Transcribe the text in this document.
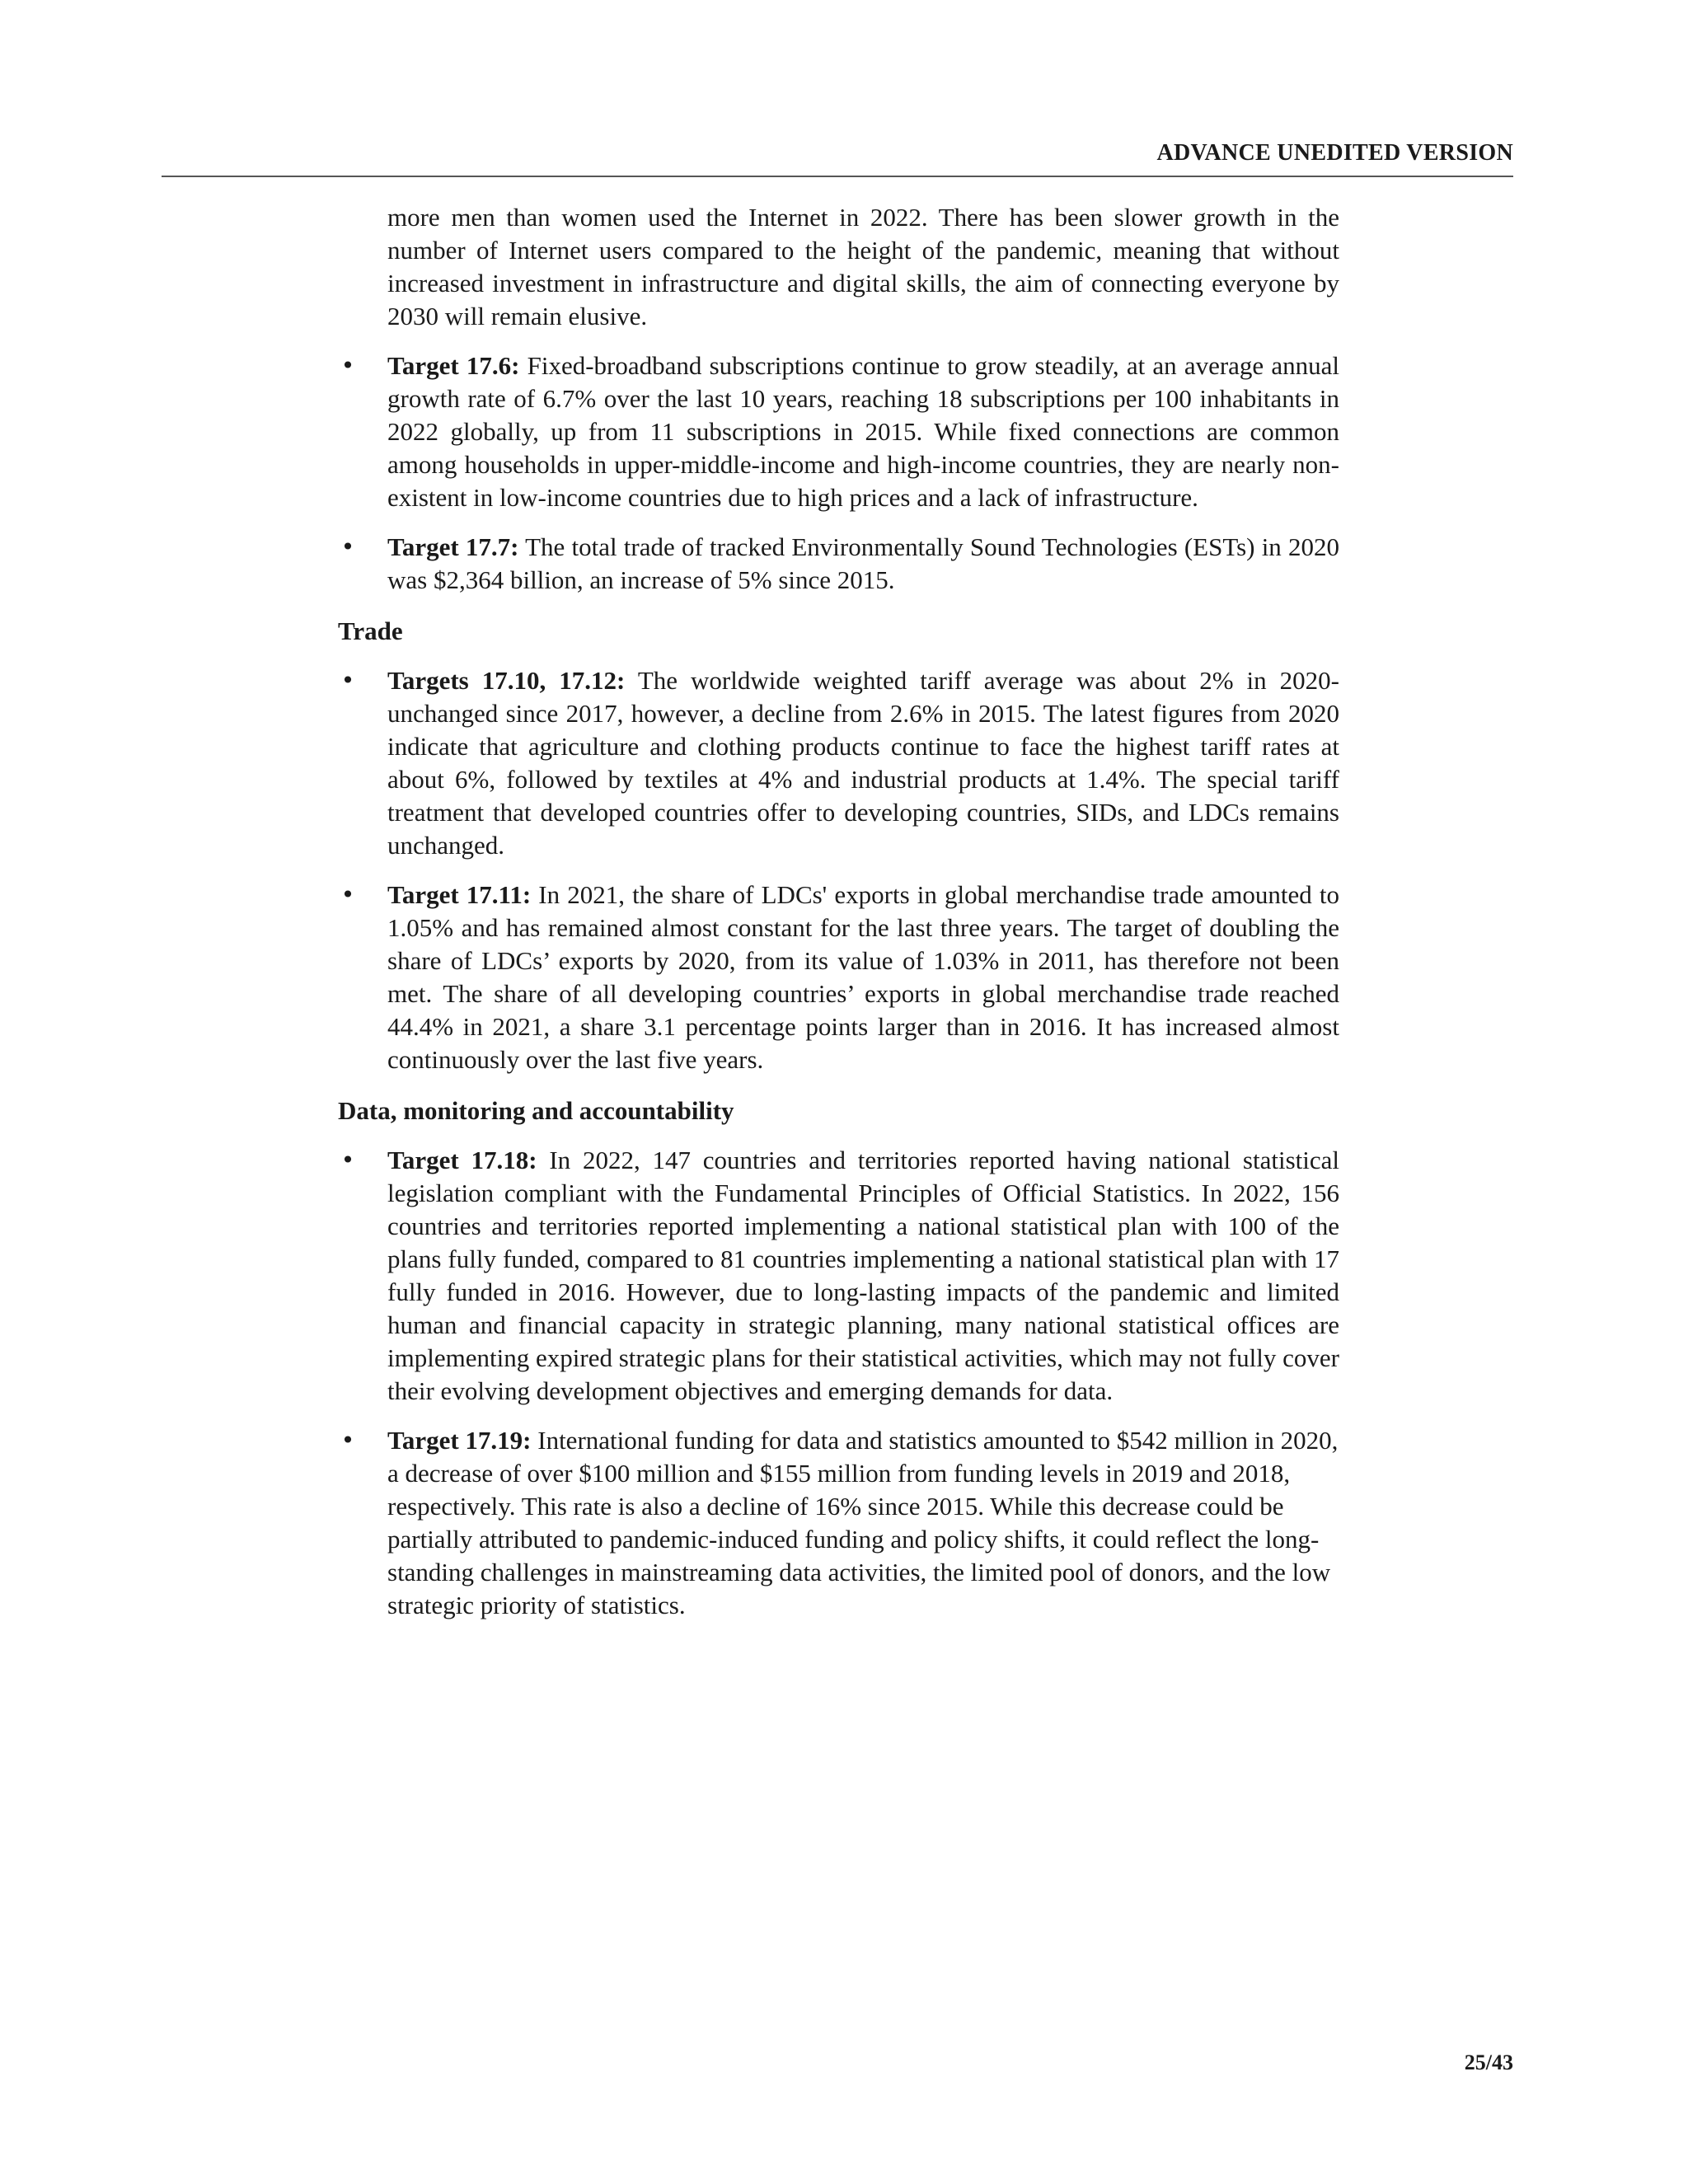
ADVANCE UNEDITED VERSION

more men than women used the Internet in 2022. There has been slower growth in the number of Internet users compared to the height of the pandemic, meaning that without increased investment in infrastructure and digital skills, the aim of connecting everyone by 2030 will remain elusive.

• Target 17.6: Fixed-broadband subscriptions continue to grow steadily, at an average annual growth rate of 6.7% over the last 10 years, reaching 18 subscriptions per 100 inhabitants in 2022 globally, up from 11 subscriptions in 2015. While fixed connections are common among households in upper-middle-income and high-income countries, they are nearly non-existent in low-income countries due to high prices and a lack of infrastructure.
• Target 17.7: The total trade of tracked Environmentally Sound Technologies (ESTs) in 2020 was $2,364 billion, an increase of 5% since 2015.
Trade
• Targets 17.10, 17.12: The worldwide weighted tariff average was about 2% in 2020- unchanged since 2017, however, a decline from 2.6% in 2015. The latest figures from 2020 indicate that agriculture and clothing products continue to face the highest tariff rates at about 6%, followed by textiles at 4% and industrial products at 1.4%. The special tariff treatment that developed countries offer to developing countries, SIDs, and LDCs remains unchanged.
• Target 17.11: In 2021, the share of LDCs' exports in global merchandise trade amounted to 1.05% and has remained almost constant for the last three years. The target of doubling the share of LDCs’ exports by 2020, from its value of 1.03% in 2011, has therefore not been met. The share of all developing countries’ exports in global merchandise trade reached 44.4% in 2021, a share 3.1 percentage points larger than in 2016. It has increased almost continuously over the last five years.
Data, monitoring and accountability
• Target 17.18: In 2022, 147 countries and territories reported having national statistical legislation compliant with the Fundamental Principles of Official Statistics. In 2022, 156 countries and territories reported implementing a national statistical plan with 100 of the plans fully funded, compared to 81 countries implementing a national statistical plan with 17 fully funded in 2016. However, due to long-lasting impacts of the pandemic and limited human and financial capacity in strategic planning, many national statistical offices are implementing expired strategic plans for their statistical activities, which may not fully cover their evolving development objectives and emerging demands for data.
• Target 17.19: International funding for data and statistics amounted to $542 million in 2020, a decrease of over $100 million and $155 million from funding levels in 2019 and 2018, respectively. This rate is also a decline of 16% since 2015. While this decrease could be partially attributed to pandemic-induced funding and policy shifts, it could reflect the long-standing challenges in mainstreaming data activities, the limited pool of donors, and the low strategic priority of statistics.
25/43
